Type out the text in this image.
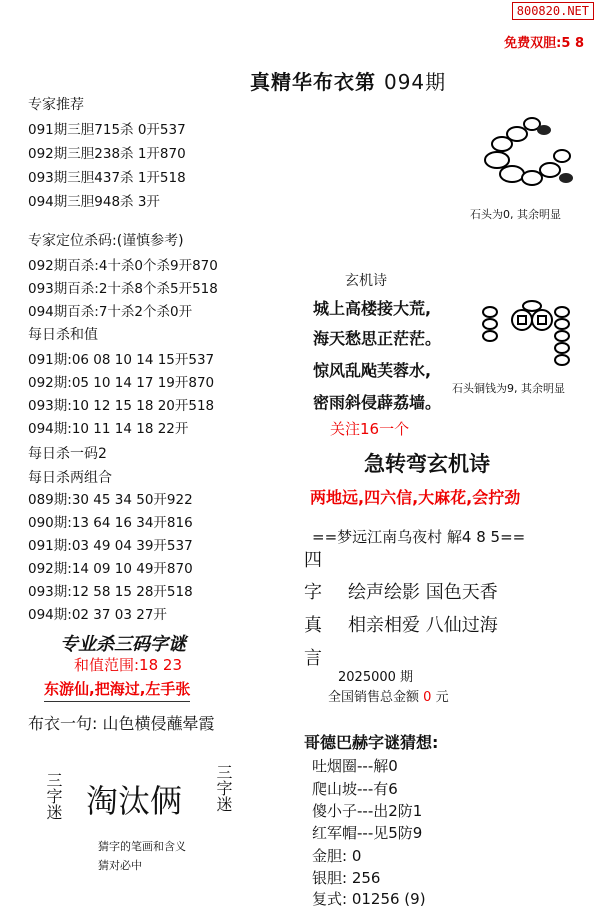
800820.NET
免费双胆:5 8
真精华布衣第 094期
专家推荐
091期三胆715杀 0开537
092期三胆238杀 1开870
093期三胆437杀 1开518
094期三胆948杀 3开
专家定位杀码:(谨慎参考)
092期百杀:4十杀0个杀9开870
093期百杀:2十杀8个杀5开518
094期百杀:7十杀2个杀0开
每日杀和值
091期:06 08 10 14 15开537
092期:05 10 14 17 19开870
093期:10 12 15 18 20开518
094期:10 11 14 18 22开
每日杀一码2
每日杀两组合
089期:30 45 34 50开922
090期:13 64 16 34开816
091期:03 49 04 39开537
092期:14 09 10 49开870
093期:12 58 15 28开518
094期:02 37 03 27开
专业杀三码字谜
和值范围:18 23
东游仙,把海过,左手张
布衣一句: 山色横侵蘸晕霞
三字迷 淘汰俩 三字迷
猜字的笔画和含义
猜对必中
石头为0, 其余明显
石头铜钱为9, 其余明显
玄机诗
城上高楼接大荒,
海天愁思正茫茫。
惊风乱飐芙蓉水,
密雨斜侵薜荔墙。
关注16一个
急转弯玄机诗
两地远,四六信,大麻花,会拧劲
==梦远江南乌夜村 解4 8 5==
四
字 绘声绘影 国色天香
真 相亲相爱 八仙过海
言
2025000 期
全国销售总金额 0 元
哥德巴赫字谜猜想:
吐烟圈---解0
爬山坡---有6
傻小子---出2防1
红军帽---见5防9
金胆: 0
银胆: 256
复式: 01256 (9)
